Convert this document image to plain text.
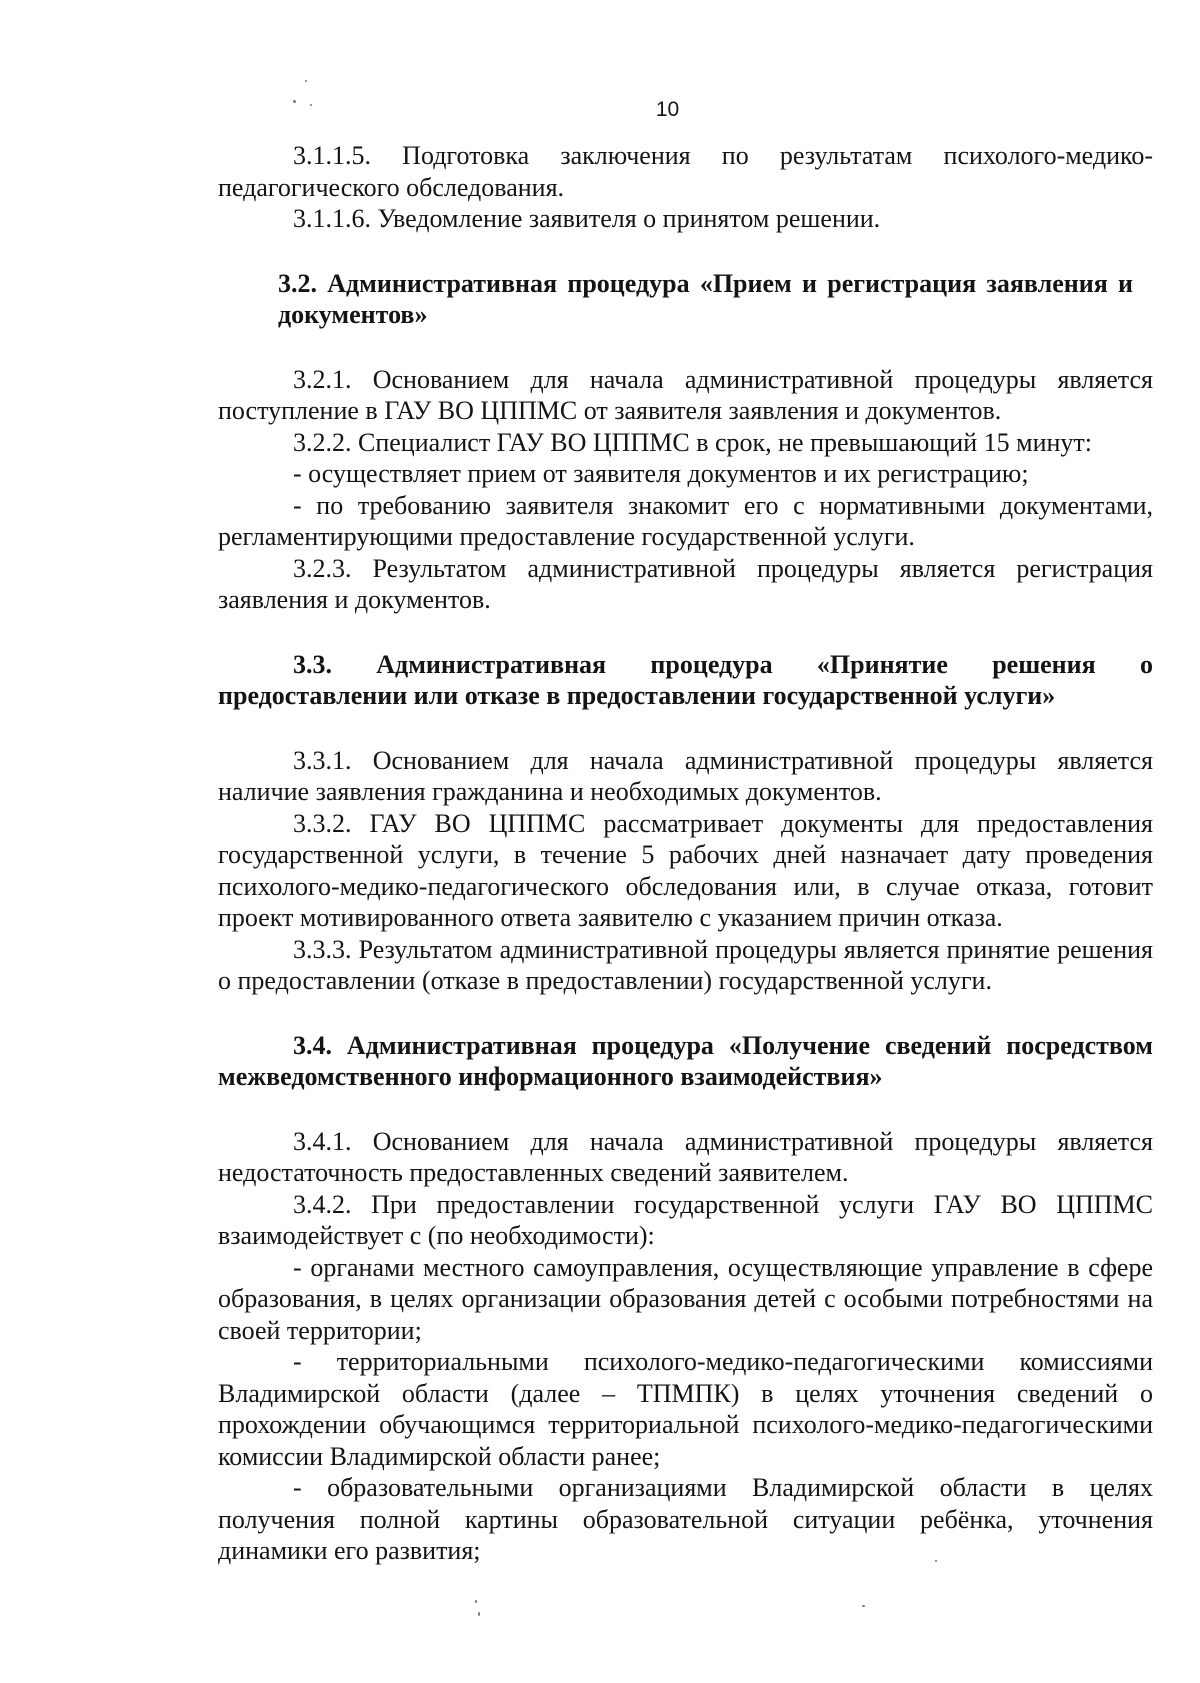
10

3.1.1.5. Подготовка заключения по результатам психолого-медико-педагогического обследования.

3.1.1.6. Уведомление заявителя о принятом решении.

3.2. Административная процедура «Прием и регистрация заявления и документов»

3.2.1. Основанием для начала административной процедуры является поступление в ГАУ ВО ЦППМС от заявителя заявления и документов.

3.2.2. Специалист ГАУ ВО ЦППМС в срок, не превышающий 15 минут:

- осуществляет прием от заявителя документов и их регистрацию;

- по требованию заявителя знакомит его с нормативными документами, регламентирующими предоставление государственной услуги.

3.2.3. Результатом административной процедуры является регистрация заявления и документов.

3.3. Административная процедура «Принятие решения о предоставлении или отказе в предоставлении государственной услуги»

3.3.1. Основанием для начала административной процедуры является наличие заявления гражданина и необходимых документов.

3.3.2. ГАУ ВО ЦППМС рассматривает документы для предоставления государственной услуги, в течение 5 рабочих дней назначает дату проведения психолого-медико-педагогического обследования или, в случае отказа, готовит проект мотивированного ответа заявителю с указанием причин отказа.

3.3.3. Результатом административной процедуры является принятие решения о предоставлении (отказе в предоставлении) государственной услуги.

3.4. Административная процедура «Получение сведений посредством межведомственного информационного взаимодействия»

3.4.1. Основанием для начала административной процедуры является недостаточность предоставленных сведений заявителем.

3.4.2. При предоставлении государственной услуги ГАУ ВО ЦППМС взаимодействует с (по необходимости):

- органами местного самоуправления, осуществляющие управление в сфере образования, в целях организации образования детей с особыми потребностями на своей территории;

- территориальными психолого-медико-педагогическими комиссиями Владимирской области (далее – ТПМПК) в целях уточнения сведений о прохождении обучающимся территориальной психолого-медико-педагогическими комиссии Владимирской области ранее;

- образовательными организациями Владимирской области в целях получения полной картины образовательной ситуации ребёнка, уточнения динамики его развития;
